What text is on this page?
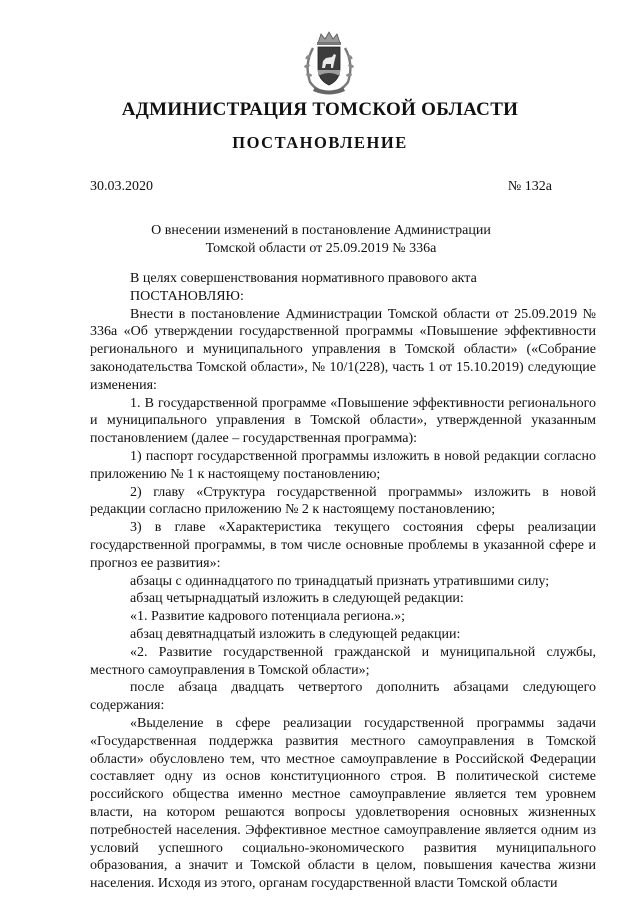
АДМИНИСТРАЦИЯ ТОМСКОЙ ОБЛАСТИ
ПОСТАНОВЛЕНИЕ
30.03.2020	№ 132а
О внесении изменений в постановление Администрации
Томской области от 25.09.2019 № 336а

В целях совершенствования нормативного правового акта

ПОСТАНОВЛЯЮ:

Внести в постановление Администрации Томской области от 25.09.2019 № 336а «Об утверждении государственной программы «Повышение эффективности регионального и муниципального управления в Томской области» («Собрание законодательства Томской области», № 10/1(228), часть 1 от 15.10.2019) следующие изменения:

1. В государственной программе «Повышение эффективности регионального и муниципального управления в Томской области», утвержденной указанным постановлением (далее – государственная программа):

1) паспорт государственной программы изложить в новой редакции согласно приложению № 1 к настоящему постановлению;

2) главу «Структура государственной программы» изложить в новой редакции согласно приложению № 2 к настоящему постановлению;

3) в главе «Характеристика текущего состояния сферы реализации государственной программы, в том числе основные проблемы в указанной сфере и прогноз ее развития»:

абзацы с одиннадцатого по тринадцатый признать утратившими силу;

абзац четырнадцатый изложить в следующей редакции:

«1. Развитие кадрового потенциала региона.»;

абзац девятнадцатый изложить в следующей редакции:

«2. Развитие государственной гражданской и муниципальной службы, местного самоуправления в Томской области»;

после абзаца двадцать четвертого дополнить абзацами следующего содержания:

«Выделение в сфере реализации государственной программы задачи «Государственная поддержка развития местного самоуправления в Томской области» обусловлено тем, что местное самоуправление в Российской Федерации составляет одну из основ конституционного строя. В политической системе российского общества именно местное самоуправление является тем уровнем власти, на котором решаются вопросы удовлетворения основных жизненных потребностей населения. Эффективное местное самоуправление является одним из условий успешного социально-экономического развития муниципального образования, а значит и Томской области в целом, повышения качества жизни населения. Исходя из этого, органам государственной власти Томской области
